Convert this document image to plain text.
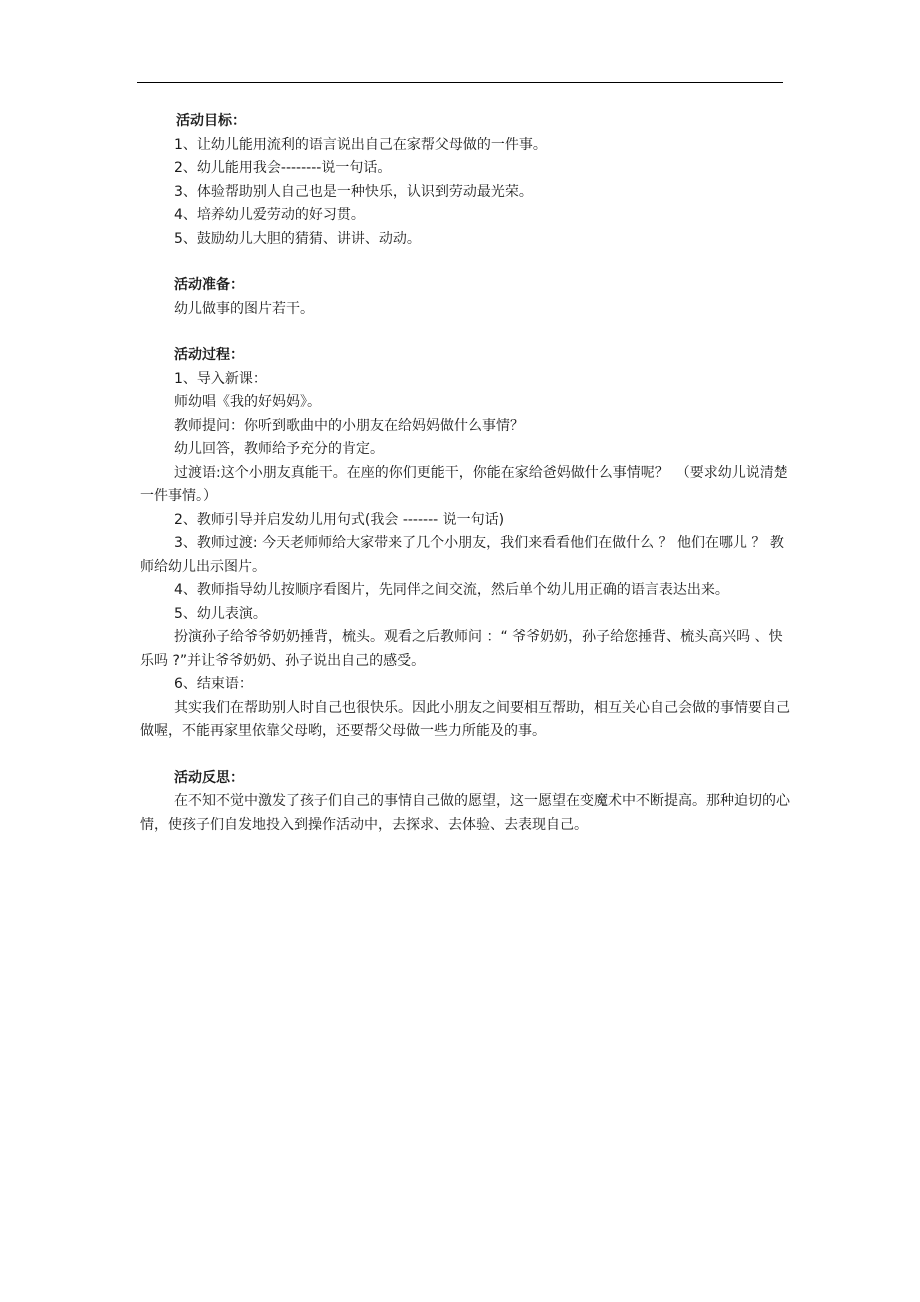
活动目标：

1、让幼儿能用流利的语言说出自己在家帮父母做的一件事。

2、幼儿能用我会--------说一句话。

3、体验帮助别人自己也是一种快乐，认识到劳动最光荣。

4、培养幼儿爱劳动的好习贯。

5、鼓励幼儿大胆的猜猜、讲讲、动动。

活动准备：

幼儿做事的图片若干。

活动过程：

1、导入新课：

师幼唱《我的好妈妈》。

教师提问：你听到歌曲中的小朋友在给妈妈做什么事情？

幼儿回答，教师给予充分的肯定。

过渡语:这个小朋友真能干。在座的你们更能干，你能在家给爸妈做什么事情呢？　（要求幼儿说清楚一件事情。）

2、教师引导并启发幼儿用句式(我会 ------- 说一句话)

3、教师过渡: 今天老师师给大家带来了几个小朋友，我们来看看他们在做什么 ？ 他们在哪儿 ？ 教师给幼儿出示图片。

4、教师指导幼儿按顺序看图片，先同伴之间交流，然后单个幼儿用正确的语言表达出来。

5、幼儿表演。

扮演孙子给爷爷奶奶捶背，梳头。观看之后教师问 ：“ 爷爷奶奶，孙子给您捶背、梳头高兴吗 、快乐吗 ?”并让爷爷奶奶、孙子说出自己的感受。

6、结束语：

其实我们在帮助别人时自己也很快乐。因此小朋友之间要相互帮助，相互关心自己会做的事情要自己做喔，不能再家里依靠父母哟，还要帮父母做一些力所能及的事。

活动反思：

在不知不觉中激发了孩子们自己的事情自己做的愿望，这一愿望在变魔术中不断提高。那种迫切的心情，使孩子们自发地投入到操作活动中，去探求、去体验、去表现自己。
